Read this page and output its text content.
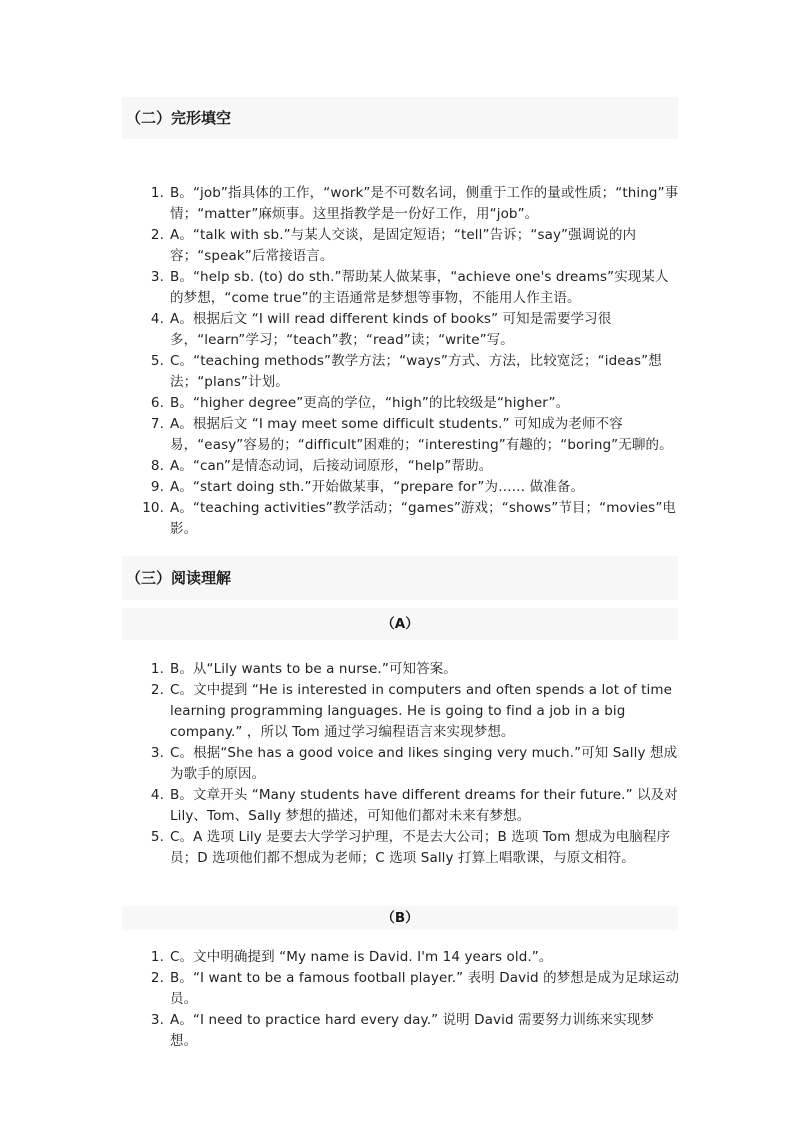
（二）完形填空
1. B。“job”指具体的工作，“work”是不可数名词，侧重于工作的量或性质；“thing”事情；“matter”麻烦事。这里指教学是一份好工作，用“job”。
2. A。“talk with sb.”与某人交谈，是固定短语；“tell”告诉；“say”强调说的内容；“speak”后常接语言。
3. B。“help sb. (to) do sth.”帮助某人做某事，“achieve one's dreams”实现某人的梦想，“come true”的主语通常是梦想等事物，不能用人作主语。
4. A。根据后文 “I will read different kinds of books” 可知是需要学习很多，“learn”学习；“teach”教；“read”读；“write”写。
5. C。“teaching methods”教学方法；“ways”方式、方法，比较宽泛；“ideas”想法；“plans”计划。
6. B。“higher degree”更高的学位，“high”的比较级是“higher”。
7. A。根据后文 “I may meet some difficult students.” 可知成为老师不容易，“easy”容易的；“difficult”困难的；“interesting”有趣的；“boring”无聊的。
8. A。“can”是情态动词，后接动词原形，“help”帮助。
9. A。“start doing sth.”开始做某事，“prepare for”为…… 做准备。
10. A。“teaching activities”教学活动；“games”游戏；“shows”节目；“movies”电影。
（三）阅读理解
（A）
1. B。从“Lily wants to be a nurse.”可知答案。
2. C。文中提到 “He is interested in computers and often spends a lot of time learning programming languages. He is going to find a job in a big company.” ，所以 Tom 通过学习编程语言来实现梦想。
3. C。根据“She has a good voice and likes singing very much.”可知 Sally 想成为歌手的原因。
4. B。文章开头 “Many students have different dreams for their future.” 以及对 Lily、Tom、Sally 梦想的描述，可知他们都对未来有梦想。
5. C。A 选项 Lily 是要去大学学习护理，不是去大公司；B 选项 Tom 想成为电脑程序员；D 选项他们都不想成为老师；C 选项 Sally 打算上唱歌课，与原文相符。
（B）
1. C。文中明确提到 “My name is David. I'm 14 years old.”。
2. B。“I want to be a famous football player.” 表明 David 的梦想是成为足球运动员。
3. A。“I need to practice hard every day.” 说明 David 需要努力训练来实现梦想。
